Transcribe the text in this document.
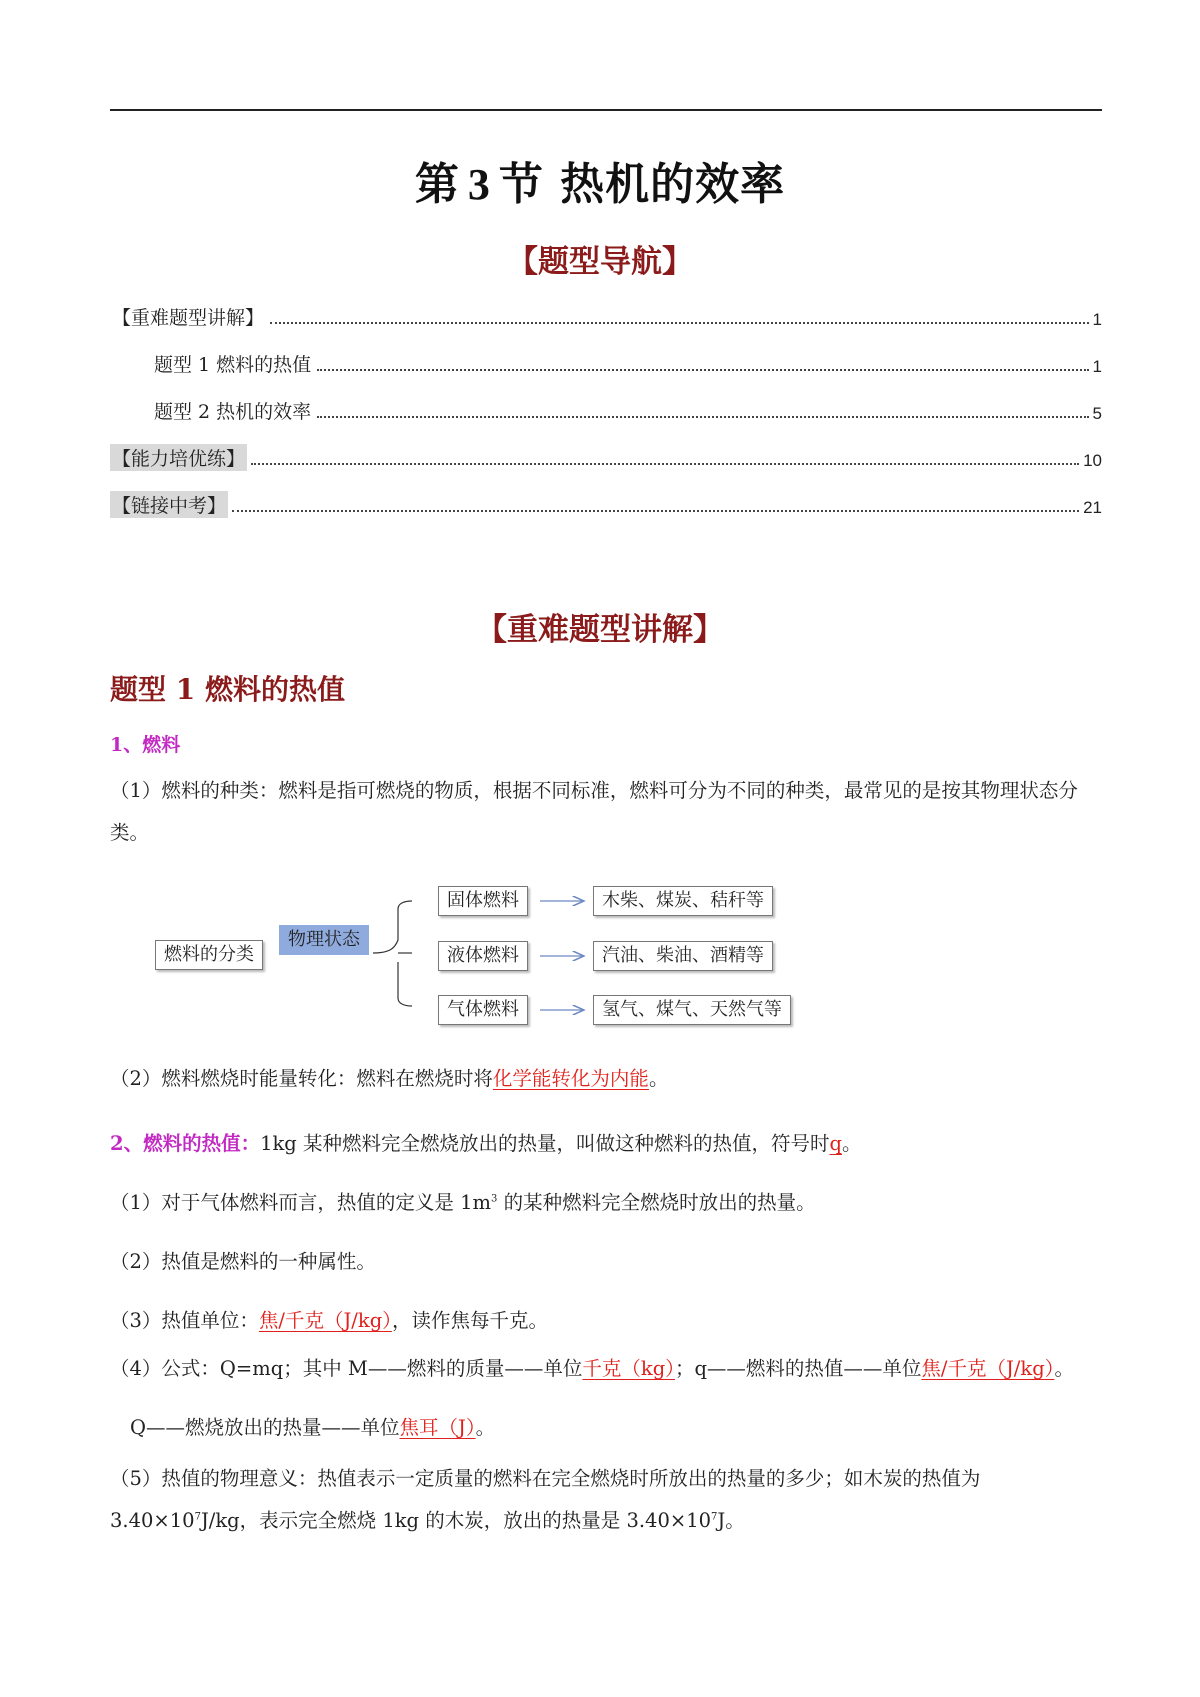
第 3 节 热机的效率
【题型导航】
【重难题型讲解】	1
题型 1 燃料的热值	1
题型 2 热机的效率	5
【能力培优练】	10
【链接中考】	21
【重难题型讲解】
题型 1 燃料的热值
1、燃料
（1）燃料的种类：燃料是指可燃烧的物质，根据不同标准，燃料可分为不同的种类，最常见的是按其物理状态分类。
燃料的分类
物理状态
固体燃料
液体燃料
气体燃料
木柴、煤炭、秸秆等
汽油、柴油、酒精等
氢气、煤气、天然气等
（2）燃料燃烧时能量转化：燃料在燃烧时将化学能转化为内能。
2、燃料的热值：1kg 某种燃料完全燃烧放出的热量，叫做这种燃料的热值，符号时q。
（1）对于气体燃料而言，热值的定义是 $1m^3$ 的某种燃料完全燃烧时放出的热量。
（2）热值是燃料的一种属性。
（3）热值单位：焦/千克（J/kg），读作焦每千克。
（4）公式：Q=mq；其中 M——燃料的质量——单位千克（kg）；q——燃料的热值——单位焦/千克（J/kg）。
Q——燃烧放出的热量——单位焦耳（J）。
（5）热值的物理意义：热值表示一定质量的燃料在完全燃烧时所放出的热量的多少；如木炭的热值为 $3.40\times 10^7J/kg$，表示完全燃烧 1kg 的木炭，放出的热量是 $3.40\times 10^7J$。
